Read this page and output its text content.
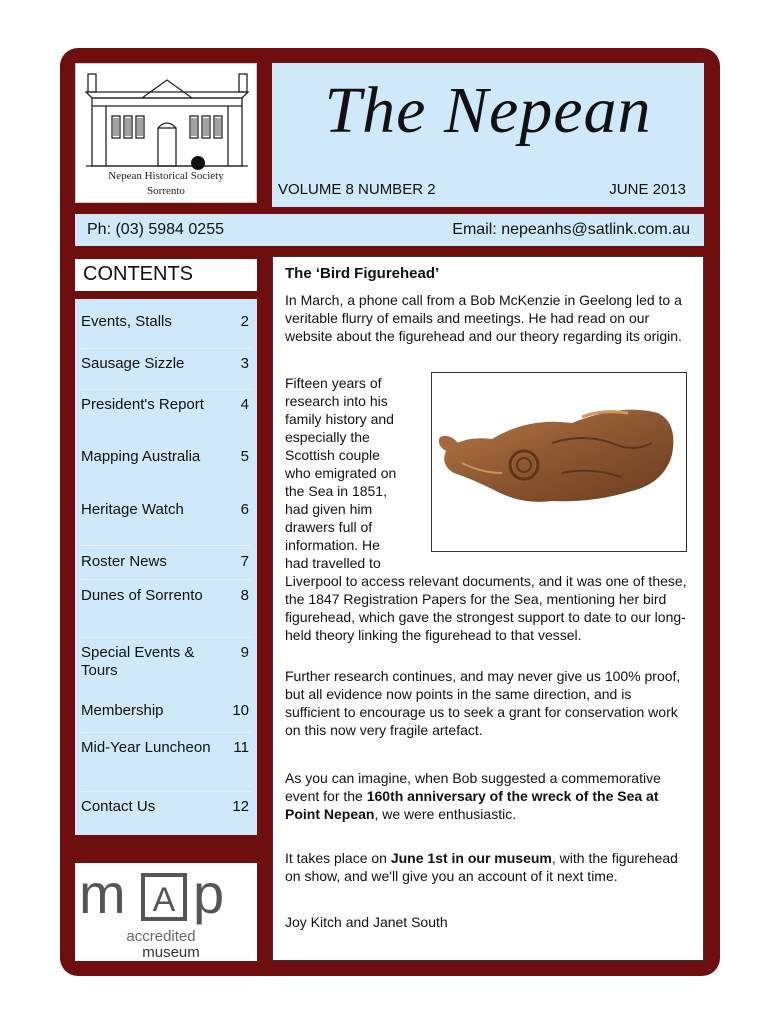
Nepean Historical Society
Sorrento
The Nepean
VOLUME 8 NUMBER 2	JUNE 2013
Ph: (03) 5984 0255	Email: nepeanhs@satlink.com.au
CONTENTS
Events, Stalls	2
Sausage Sizzle	3
President's Report	4
Mapping Australia	5
Heritage Watch	6
Roster News	7
Dunes of Sorrento	8
Special Events & Tours
9
Membership	10
Mid-Year Luncheon 11
Contact Us	12
m A p
accredited
museum
The ‘Bird Figurehead’
In March, a phone call from a Bob McKenzie in Geelong led to a veritable flurry of emails and meetings. He had read on our website about the figurehead and our theory regarding its origin.
Fifteen years of
research into his
family history and
especially the
Scottish couple
who emigrated on
the Sea in 1851,
had given him
drawers full of
information. He
had travelled to
Liverpool to access relevant documents, and it was one of these, the 1847 Registration Papers for the Sea, mentioning her bird figurehead, which gave the strongest support to date to our long-held theory linking the figurehead to that vessel.
Further research continues, and may never give us 100% proof, but all evidence now points in the same direction, and is sufficient to encourage us to seek a grant for conservation work on this now very fragile artefact.
As you can imagine, when Bob suggested a commemorative event for the 160th anniversary of the wreck of the Sea at Point Nepean, we were enthusiastic.
It takes place on June 1st in our museum, with the figurehead on show, and we'll give you an account of it next time.
Joy Kitch and Janet South
